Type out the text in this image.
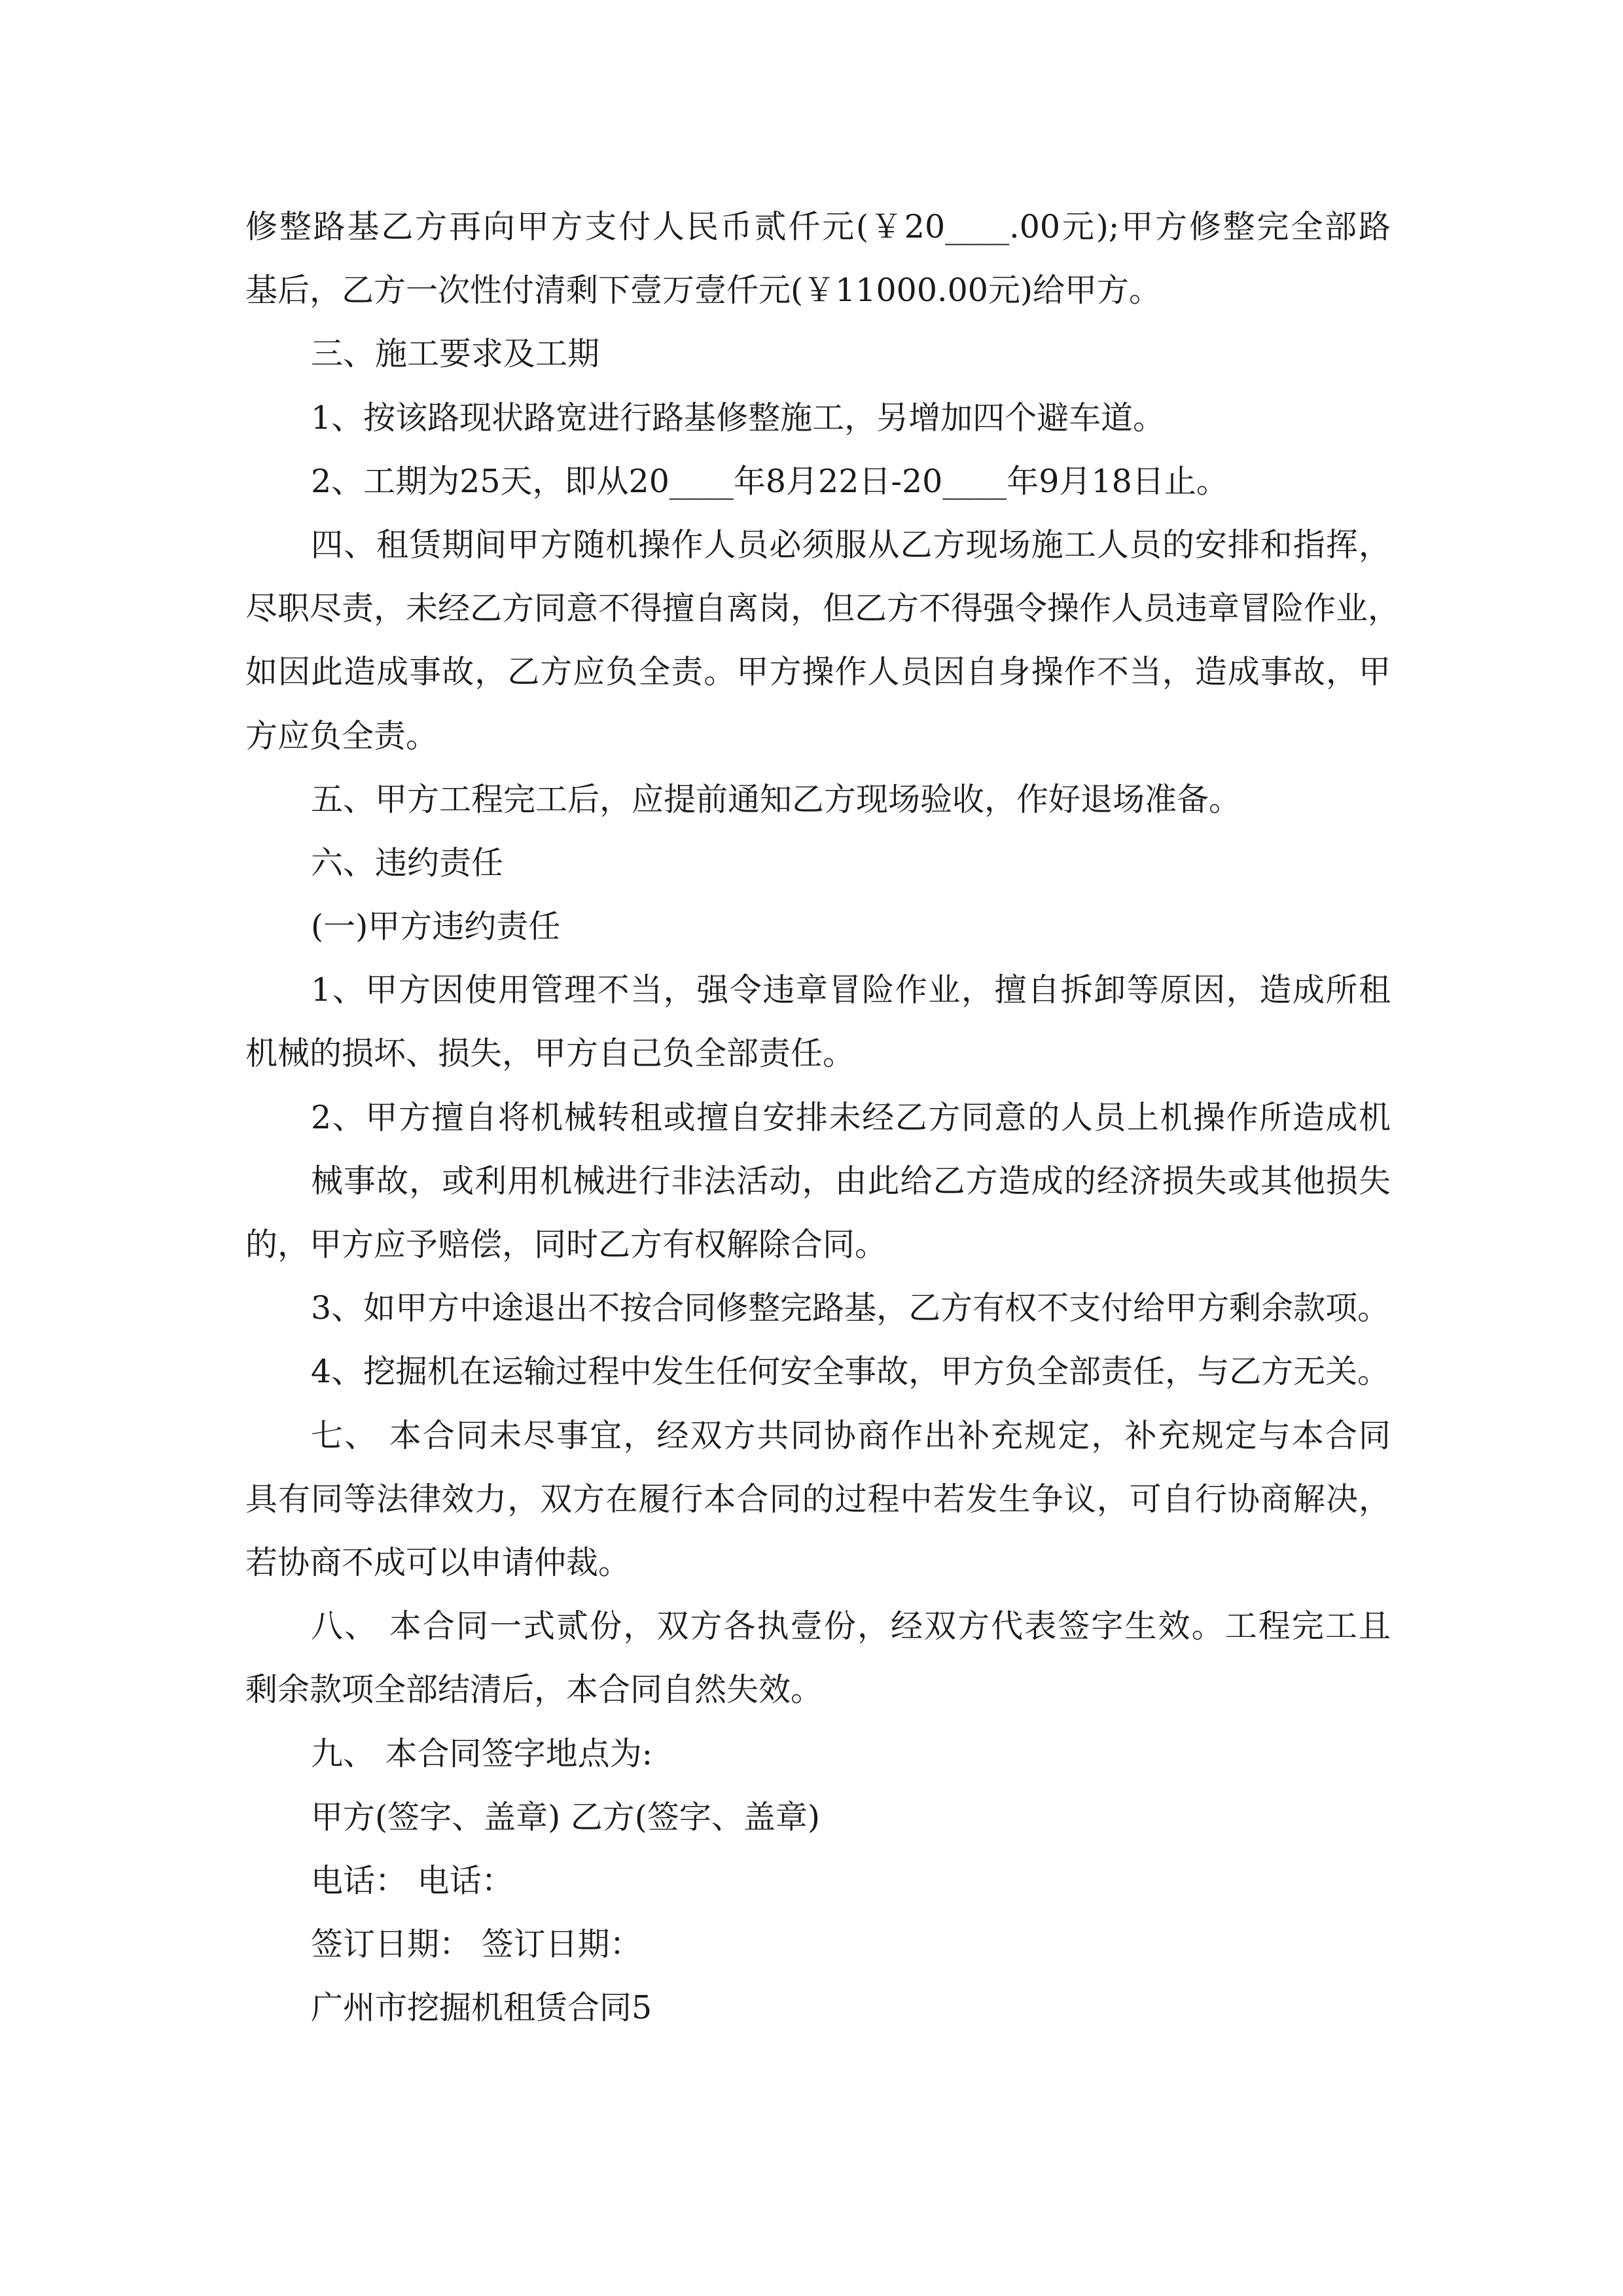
修整路基乙方再向甲方支付人民币贰仟元(￥20____.00元);甲方修整完全部路
基后，乙方一次性付清剩下壹万壹仟元(￥11000.00元)给甲方。
三、施工要求及工期
1、按该路现状路宽进行路基修整施工，另增加四个避车道。
2、工期为25天，即从20____年8月22日-20____年9月18日止。
四、租赁期间甲方随机操作人员必须服从乙方现场施工人员的安排和指挥，
尽职尽责，未经乙方同意不得擅自离岗，但乙方不得强令操作人员违章冒险作业，
如因此造成事故，乙方应负全责。甲方操作人员因自身操作不当，造成事故，甲
方应负全责。
五、甲方工程完工后，应提前通知乙方现场验收，作好退场准备。
六、违约责任
(一)甲方违约责任
1、甲方因使用管理不当，强令违章冒险作业，擅自拆卸等原因，造成所租
机械的损坏、损失，甲方自己负全部责任。
2、甲方擅自将机械转租或擅自安排未经乙方同意的人员上机操作所造成机
械事故，或利用机械进行非法活动，由此给乙方造成的经济损失或其他损失
的，甲方应予赔偿，同时乙方有权解除合同。
3、如甲方中途退出不按合同修整完路基，乙方有权不支付给甲方剩余款项。
4、挖掘机在运输过程中发生任何安全事故，甲方负全部责任，与乙方无关。
七、 本合同未尽事宜，经双方共同协商作出补充规定，补充规定与本合同
具有同等法律效力，双方在履行本合同的过程中若发生争议，可自行协商解决，
若协商不成可以申请仲裁。
八、 本合同一式贰份，双方各执壹份，经双方代表签字生效。工程完工且
剩余款项全部结清后，本合同自然失效。
九、 本合同签字地点为:
甲方(签字、盖章) 乙方(签字、盖章)
电话： 电话：
签订日期： 签订日期：
广州市挖掘机租赁合同5
